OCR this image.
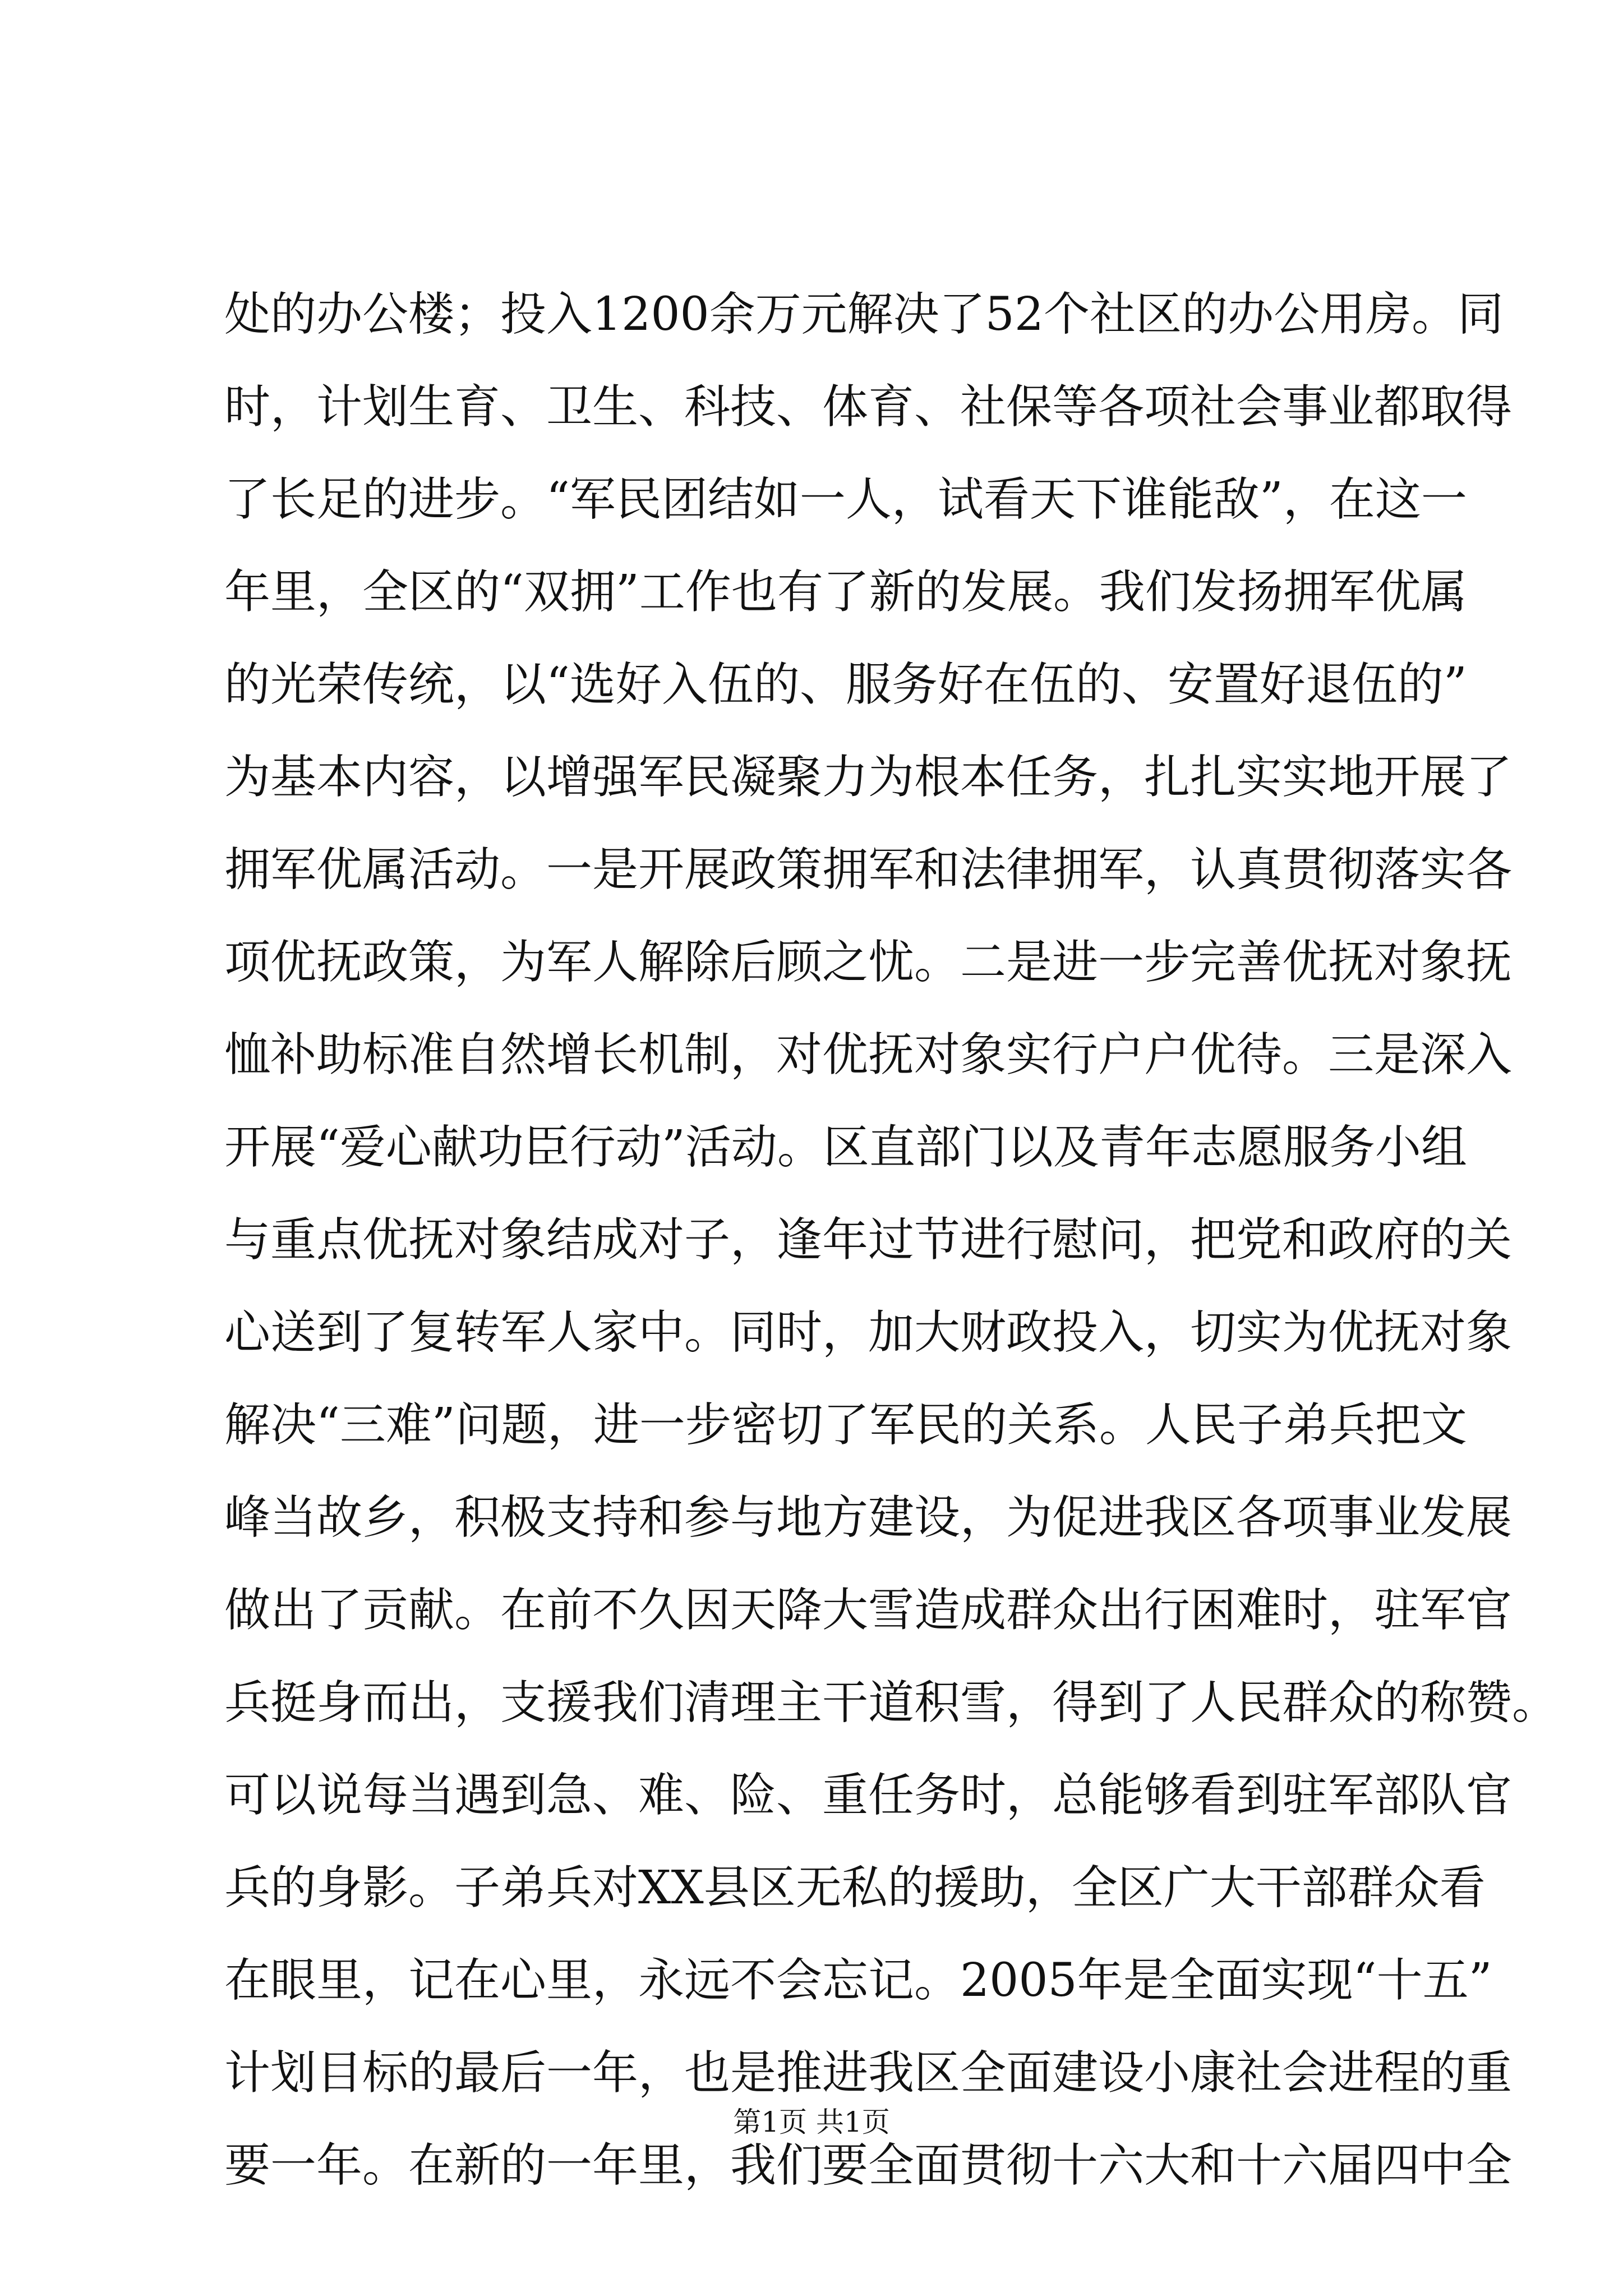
处的办公楼；投入1200余万元解决了52个社区的办公用房。同
时，计划生育、卫生、科技、体育、社保等各项社会事业都取得
了长足的进步。“军民团结如一人，试看天下谁能敌”，在这一
年里，全区的“双拥”工作也有了新的发展。我们发扬拥军优属
的光荣传统，以“选好入伍的、服务好在伍的、安置好退伍的”
为基本内容，以增强军民凝聚力为根本任务，扎扎实实地开展了
拥军优属活动。一是开展政策拥军和法律拥军，认真贯彻落实各
项优抚政策，为军人解除后顾之忧。二是进一步完善优抚对象抚
恤补助标准自然增长机制，对优抚对象实行户户优待。三是深入
开展“爱心献功臣行动”活动。区直部门以及青年志愿服务小组
与重点优抚对象结成对子，逢年过节进行慰问，把党和政府的关
心送到了复转军人家中。同时，加大财政投入，切实为优抚对象
解决“三难”问题，进一步密切了军民的关系。人民子弟兵把文
峰当故乡，积极支持和参与地方建设，为促进我区各项事业发展
做出了贡献。在前不久因天降大雪造成群众出行困难时，驻军官
兵挺身而出，支援我们清理主干道积雪，得到了人民群众的称赞。
可以说每当遇到急、难、险、重任务时，总能够看到驻军部队官
兵的身影。子弟兵对XX县区无私的援助，全区广大干部群众看
在眼里，记在心里，永远不会忘记。2005年是全面实现“十五”
计划目标的最后一年，也是推进我区全面建设小康社会进程的重
要一年。在新的一年里，我们要全面贯彻十六大和十六届四中全
第1页 共1页
